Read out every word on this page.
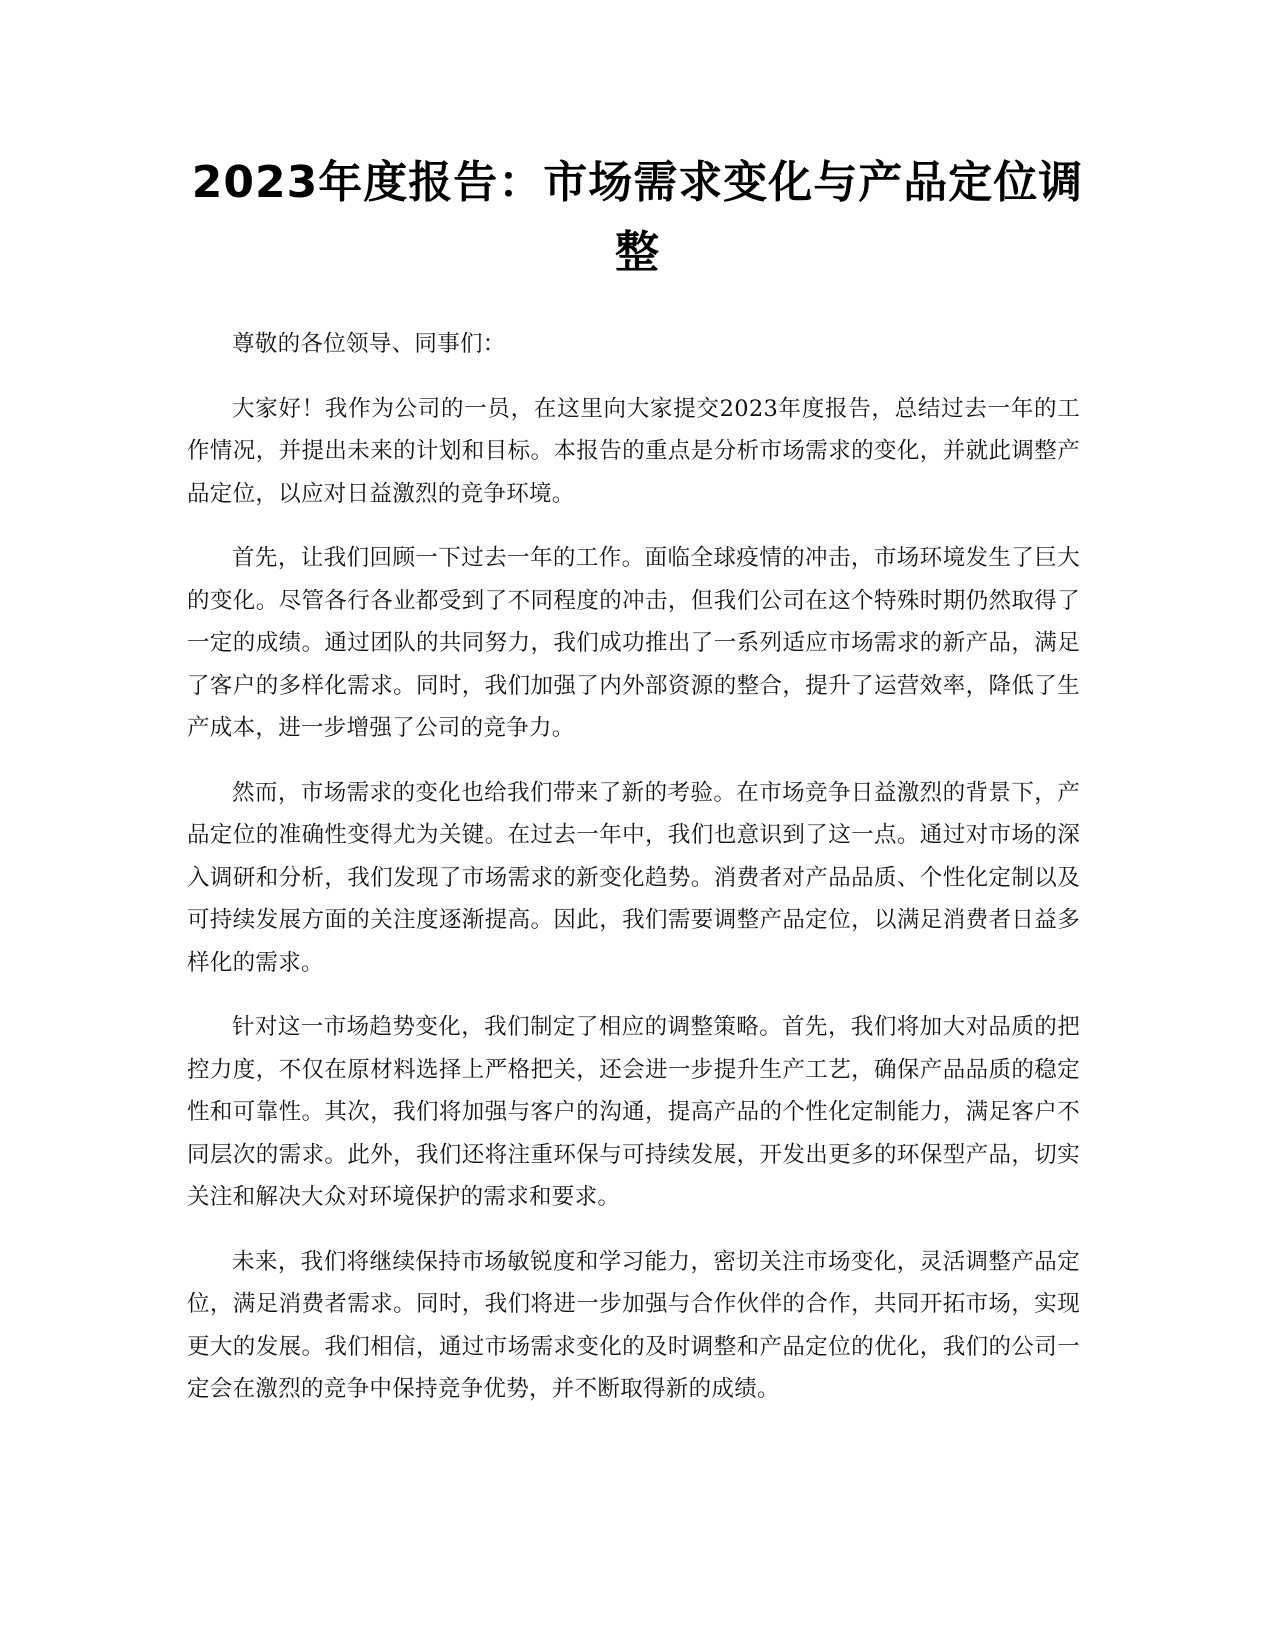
2023年度报告：市场需求变化与产品定位调整

尊敬的各位领导、同事们：

大家好！我作为公司的一员，在这里向大家提交2023年度报告，总结过去一年的工作情况，并提出未来的计划和目标。本报告的重点是分析市场需求的变化，并就此调整产品定位，以应对日益激烈的竞争环境。

首先，让我们回顾一下过去一年的工作。面临全球疫情的冲击，市场环境发生了巨大的变化。尽管各行各业都受到了不同程度的冲击，但我们公司在这个特殊时期仍然取得了一定的成绩。通过团队的共同努力，我们成功推出了一系列适应市场需求的新产品，满足了客户的多样化需求。同时，我们加强了内外部资源的整合，提升了运营效率，降低了生产成本，进一步增强了公司的竞争力。

然而，市场需求的变化也给我们带来了新的考验。在市场竞争日益激烈的背景下，产品定位的准确性变得尤为关键。在过去一年中，我们也意识到了这一点。通过对市场的深入调研和分析，我们发现了市场需求的新变化趋势。消费者对产品品质、个性化定制以及可持续发展方面的关注度逐渐提高。因此，我们需要调整产品定位，以满足消费者日益多样化的需求。

针对这一市场趋势变化，我们制定了相应的调整策略。首先，我们将加大对品质的把控力度，不仅在原材料选择上严格把关，还会进一步提升生产工艺，确保产品品质的稳定性和可靠性。其次，我们将加强与客户的沟通，提高产品的个性化定制能力，满足客户不同层次的需求。此外，我们还将注重环保与可持续发展，开发出更多的环保型产品，切实关注和解决大众对环境保护的需求和要求。

未来，我们将继续保持市场敏锐度和学习能力，密切关注市场变化，灵活调整产品定位，满足消费者需求。同时，我们将进一步加强与合作伙伴的合作，共同开拓市场，实现更大的发展。我们相信，通过市场需求变化的及时调整和产品定位的优化，我们的公司一定会在激烈的竞争中保持竞争优势，并不断取得新的成绩。
